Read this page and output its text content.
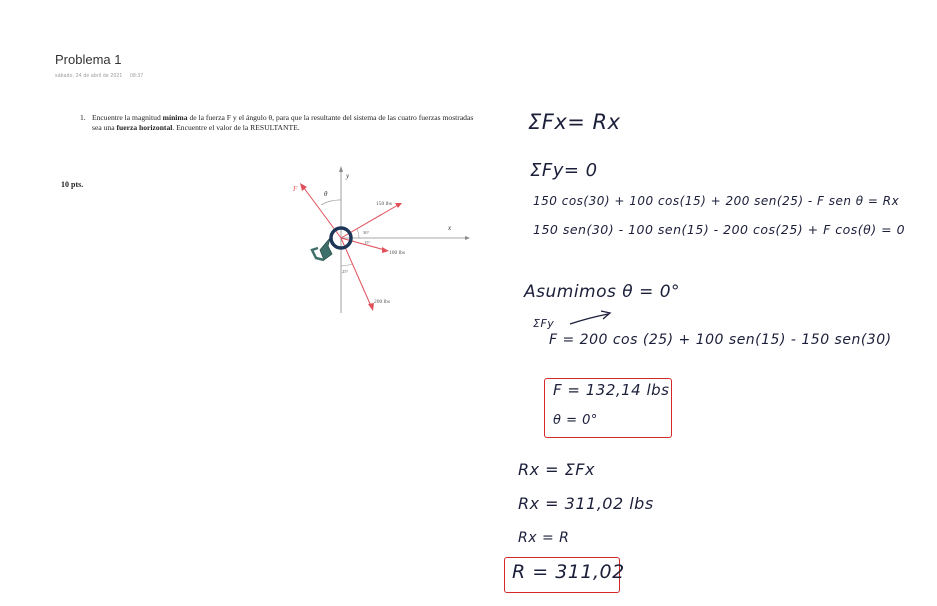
Problema 1
sábado, 24 de abril de 2021 08:37
1. Encuentre la magnitud mínima de la fuerza F y el ángulo θ, para que la resultante del sistema de las cuatro fuerzas mostradas sea una fuerza horizontal. Encuentre el valor de la RESULTANTE.
10 pts.
y
x
F
θ
150 lbs
30°
100 lbs
15°
200 lbs
25°
ΣFx= Rx
ΣFy= 0
150 cos(30) + 100 cos(15) + 200 sen(25) - F sen θ = Rx
150 sen(30) - 100 sen(15) - 200 cos(25) + F cos(θ) = 0
Asumimos θ = 0°
ΣFy
F = 200 cos (25) + 100 sen(15) - 150 sen(30)
F = 132,14 lbs
θ = 0°
Rx = ΣFx
Rx = 311,02 lbs
Rx = R
R = 311,02
